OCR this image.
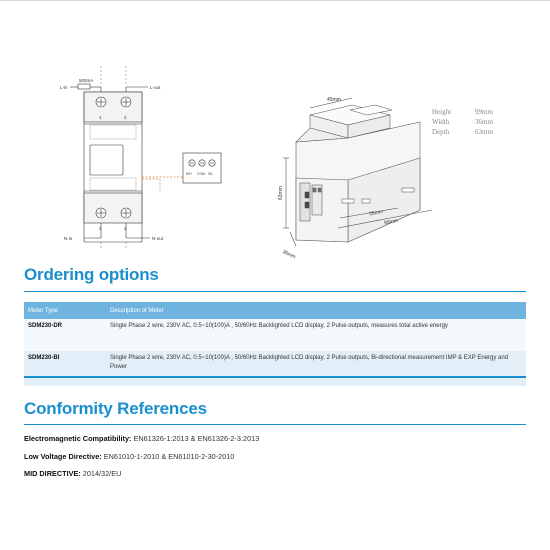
L-in
500mA
L-out
N-in	N-out
1	2
3	4
S0+ COM S0-
45mm
63mm
36mm
35mm
99mm
Height	99mm
Width	36mm
Depth	63mm
Ordering options
Meter Type	Description of Meter
SDM230-DR	Single Phase 2 wire, 230V AC, 0.5~10(100)A , 50/60Hz Backlighted LCD display, 2 Pulse outputs, measures total active energy
SDM230-BI	Single Phase 2 wire, 230V AC, 0.5~10(100)A , 50/60Hz Backlighted LCD display, 2 Pulse outputs, Bi-directional measurement IMP & EXP Energy and Power
Conformity References
Electromagnetic Compatibility: EN61326-1:2013 & EN61326-2-3:2013
Low Voltage Directive: EN61010-1-2010 & EN61010-2-30-2010
MID DIRECTIVE: 2014/32/EU
